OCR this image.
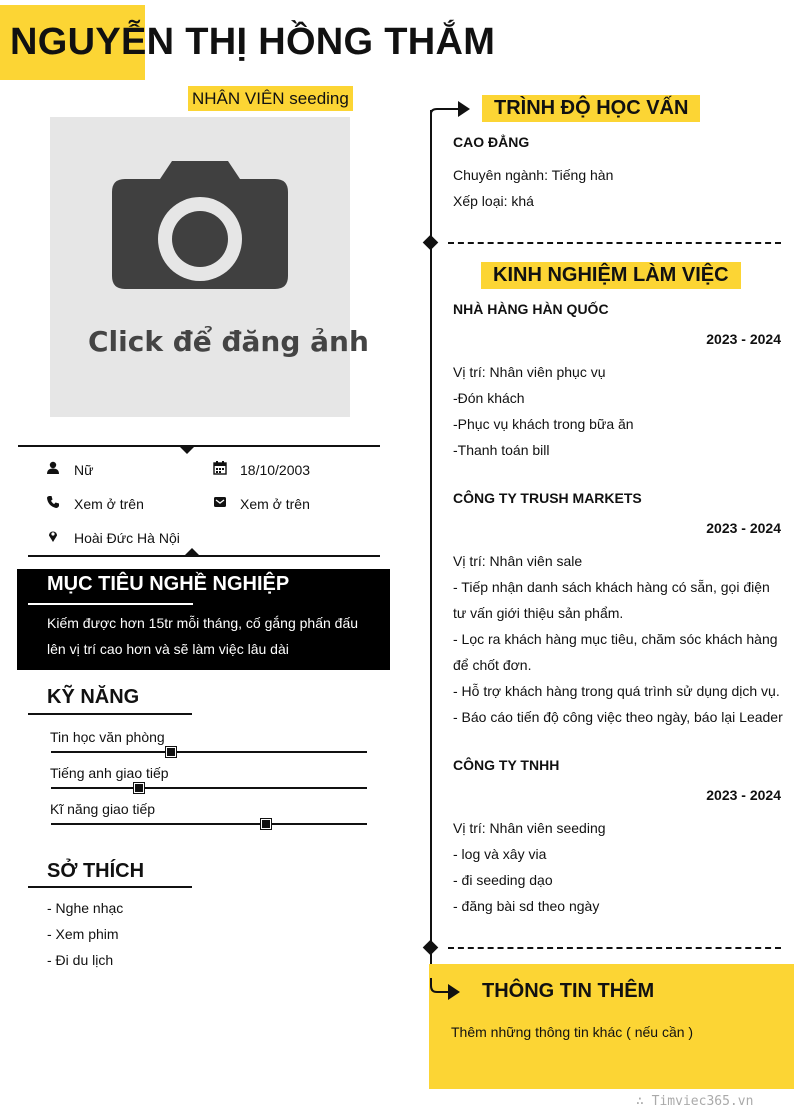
NGUYỄN THỊ HỒNG THẮM
NHÂN VIÊN seeding
Click để đăng ảnh
Nữ	18/10/2003
Xem ở trên	Xem ở trên
Hoài Đức Hà Nội
MỤC TIÊU NGHỀ NGHIỆP
Kiếm được hơn 15tr mỗi tháng, cố gắng phấn đấu lên vị trí cao hơn và sẽ làm việc lâu dài
KỸ NĂNG
Tin học văn phòng
Tiếng anh giao tiếp
Kĩ năng giao tiếp
SỞ THÍCH
- Nghe nhạc
- Xem phim
- Đi du lịch
TRÌNH ĐỘ HỌC VẤN
CAO ĐẲNG
Chuyên ngành: Tiếng hàn
Xếp loại: khá
KINH NGHIỆM LÀM VIỆC
NHÀ HÀNG HÀN QUỐC
2023 - 2024
Vị trí: Nhân viên phục vụ
-Đón khách
-Phục vụ khách trong bữa ăn
-Thanh toán bill
CÔNG TY TRUSH MARKETS
2023 - 2024
Vị trí: Nhân viên sale
- Tiếp nhận danh sách khách hàng có sẵn, gọi điện
tư vấn giới thiệu sản phẩm.
- Lọc ra khách hàng mục tiêu, chăm sóc khách hàng
để chốt đơn.
- Hỗ trợ khách hàng trong quá trình sử dụng dịch vụ.
- Báo cáo tiến độ công việc theo ngày, báo lại Leader
CÔNG TY TNHH
2023 - 2024
Vị trí: Nhân viên seeding
- log và xây via
- đi seeding dạo
- đăng bài sd theo ngày
THÔNG TIN THÊM
Thêm những thông tin khác ( nếu cần )
∴ Timviec365.vn
